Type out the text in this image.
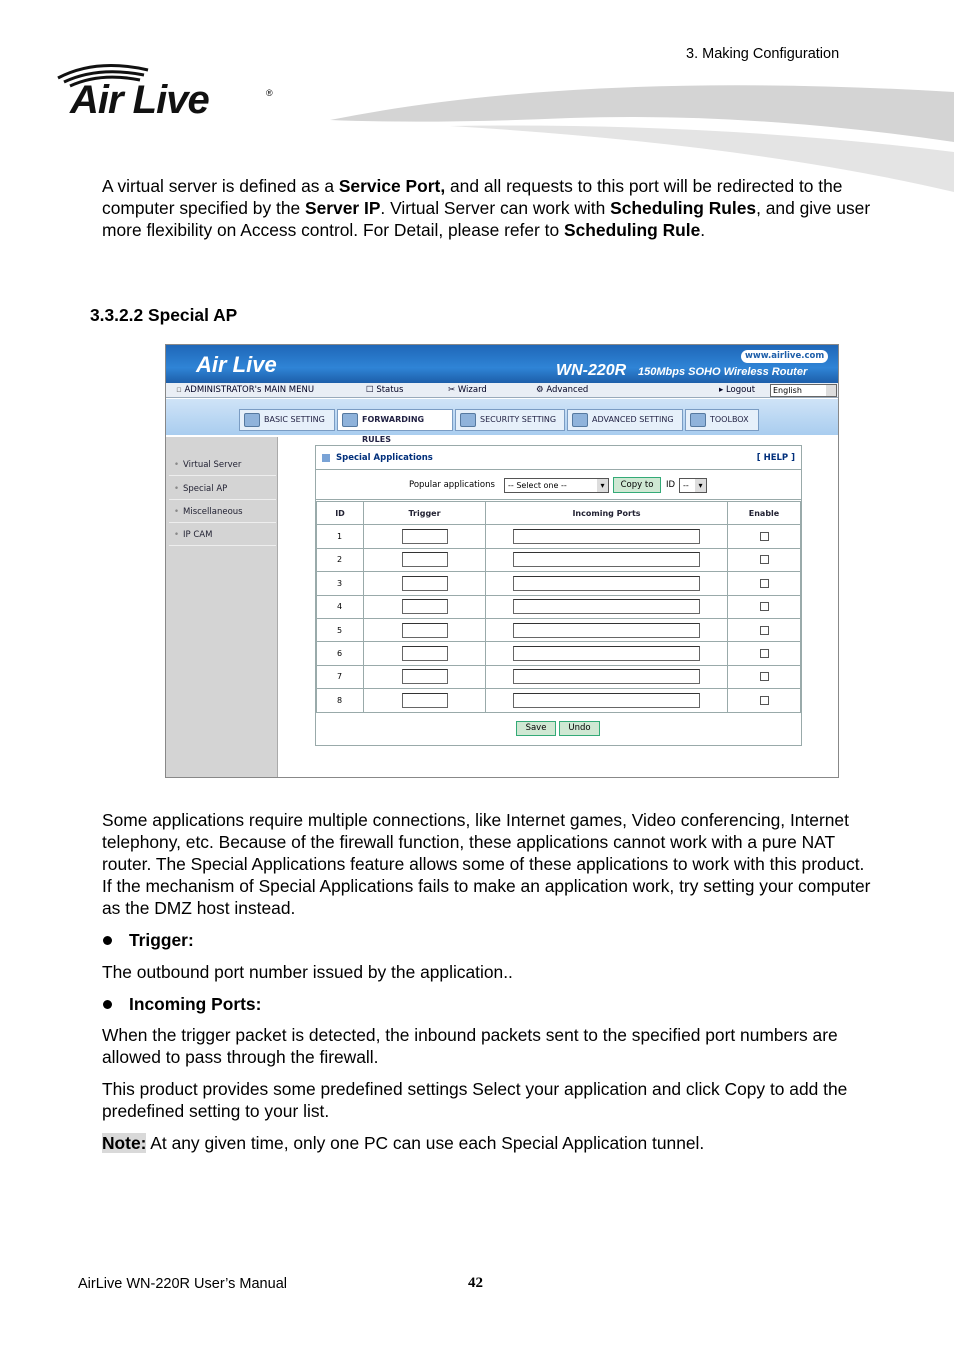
3. Making Configuration
Air Live	®
A virtual server is defined as a Service Port, and all requests to this port will be redirected to the computer specified by the Server IP. Virtual Server can work with Scheduling Rules, and give user more flexibility on Access control. For Detail, please refer to Scheduling Rule.
3.3.2.2 Special AP
Air Live	WN-220R 150Mbps SOHO Wireless Router
www.airlive.com
▫ ADMINISTRATOR's MAIN MENU	☐ Status	✂ Wizard	⚙ Advanced	▸ Logout	English
BASIC SETTING	FORWARDING RULES
SECURITY SETTING	ADVANCED SETTING	TOOLBOX
• Virtual Server
• Special AP
• Miscellaneous
• IP CAM
Special Applications	[ HELP ]
Popular applications	-- Select one -- ▾	Copy to	ID -- ▾
ID	Trigger	Incoming Ports	Enable
1			
2			
3			
4			
5			
6			
7			
8			
Save	Undo
Some applications require multiple connections, like Internet games, Video conferencing, Internet telephony, etc. Because of the firewall function, these applications cannot work with a pure NAT router. The Special Applications feature allows some of these applications to work with this product. If the mechanism of Special Applications fails to make an application work, try setting your computer as the DMZ host instead.
Trigger:
The outbound port number issued by the application..
Incoming Ports:
When the trigger packet is detected, the inbound packets sent to the specified port numbers are allowed to pass through the firewall.
This product provides some predefined settings Select your application and click Copy to add the predefined setting to your list.
Note: At any given time, only one PC can use each Special Application tunnel.
AirLive WN-220R User’s Manual	42
